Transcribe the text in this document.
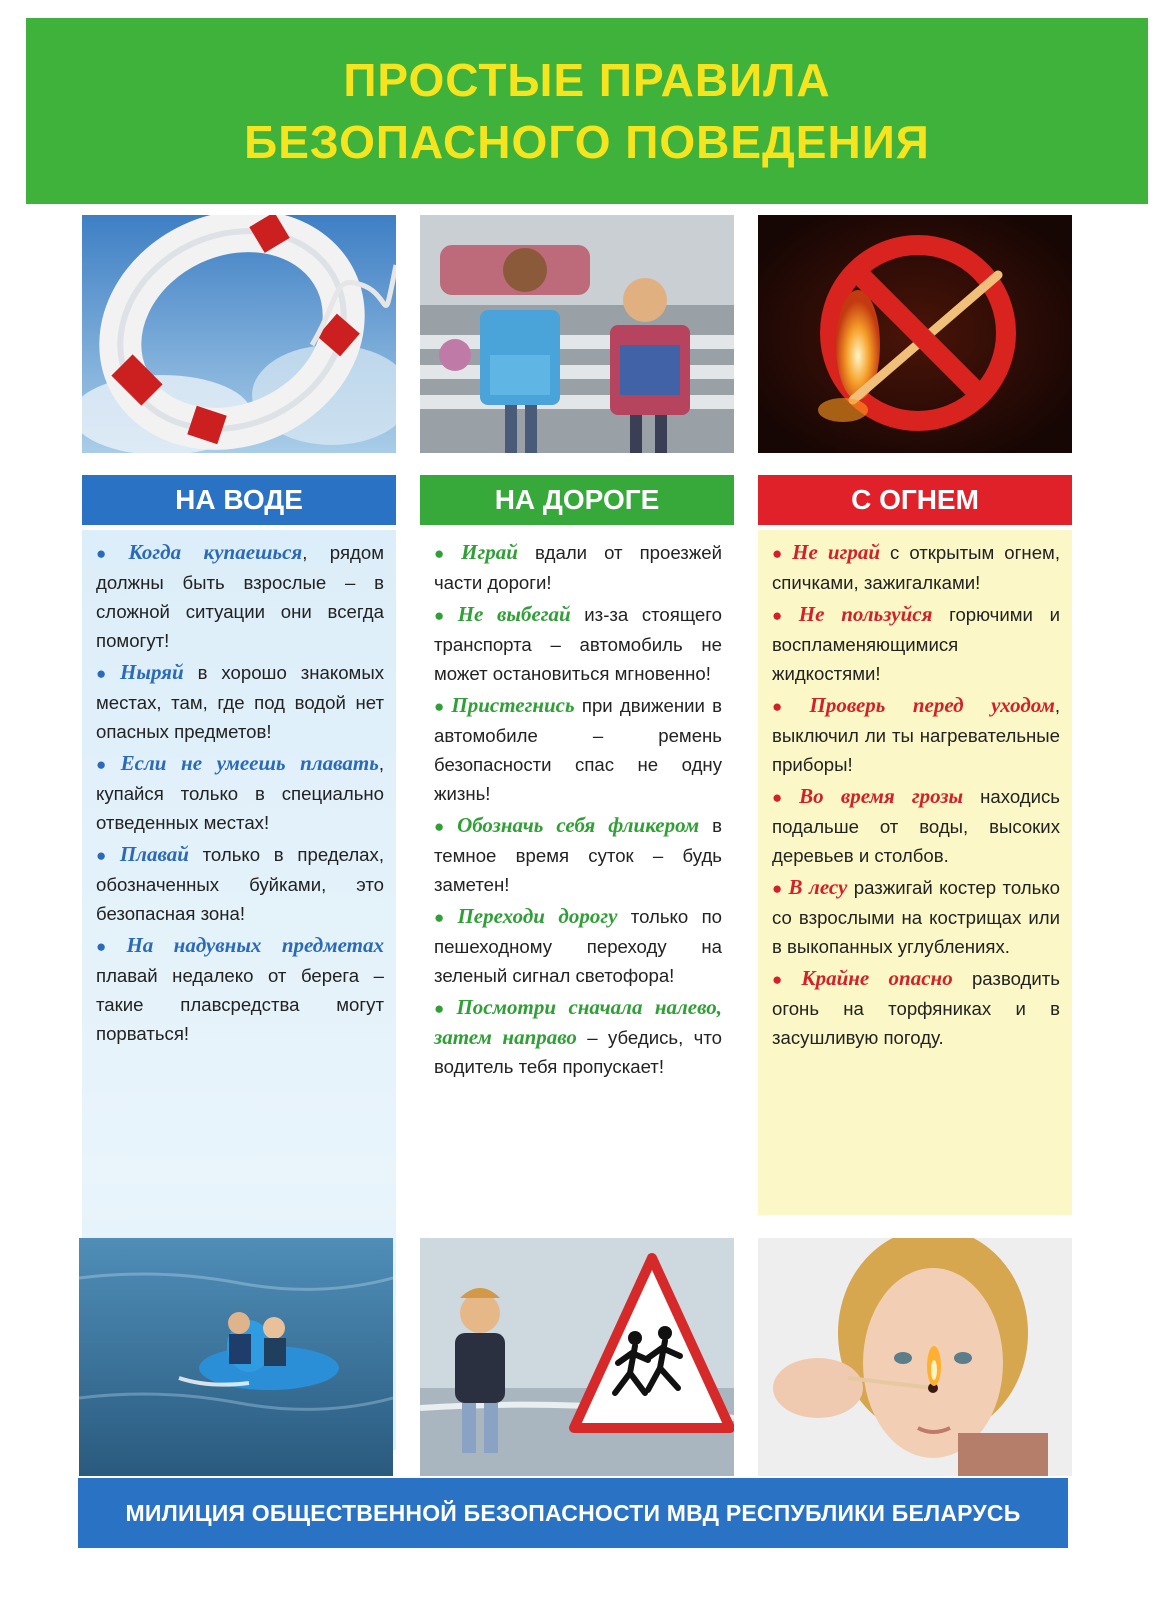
ПРОСТЫЕ ПРАВИЛА
БЕЗОПАСНОГО ПОВЕДЕНИЯ
НА ВОДЕ

● Когда купаешься, рядом должны быть взрослые – в сложной ситуации они всегда помогут!

● Ныряй в хорошо знакомых местах, там, где под водой нет опасных предметов!

● Если не умеешь плавать, купайся только в специально отведенных местах!

● Плавай только в пределах, обозначенных буйками, это безопасная зона!

● На надувных предметах плавай недалеко от берега – такие плавсредства могут порваться!

НА ДОРОГЕ

● Играй вдали от проезжей части дороги!

● Не выбегай из-за стоящего транспорта – автомобиль не может остановиться мгновенно!

● Пристегнись при движении в автомобиле – ремень безопасности спас не одну жизнь!

● Обозначь себя фликером в темное время суток – будь заметен!

● Переходи дорогу только по пешеходному переходу на зеленый сигнал светофора!

● Посмотри сначала налево, затем направо – убедись, что водитель тебя пропускает!

С ОГНЕМ

● Не играй с открытым огнем, спичками, зажигалками!

● Не пользуйся горючими и воспламеняющимися жидкостями!

● Проверь перед уходом, выключил ли ты нагревательные приборы!

● Во время грозы находись подальше от воды, высоких деревьев и столбов.

● В лесу разжигай костер только со взрослыми на кострищах или в выкопанных углублениях.

● Крайне опасно разводить огонь на торфяниках и в засушливую погоду.

МИЛИЦИЯ ОБЩЕСТВЕННОЙ БЕЗОПАСНОСТИ МВД РЕСПУБЛИКИ БЕЛАРУСЬ
